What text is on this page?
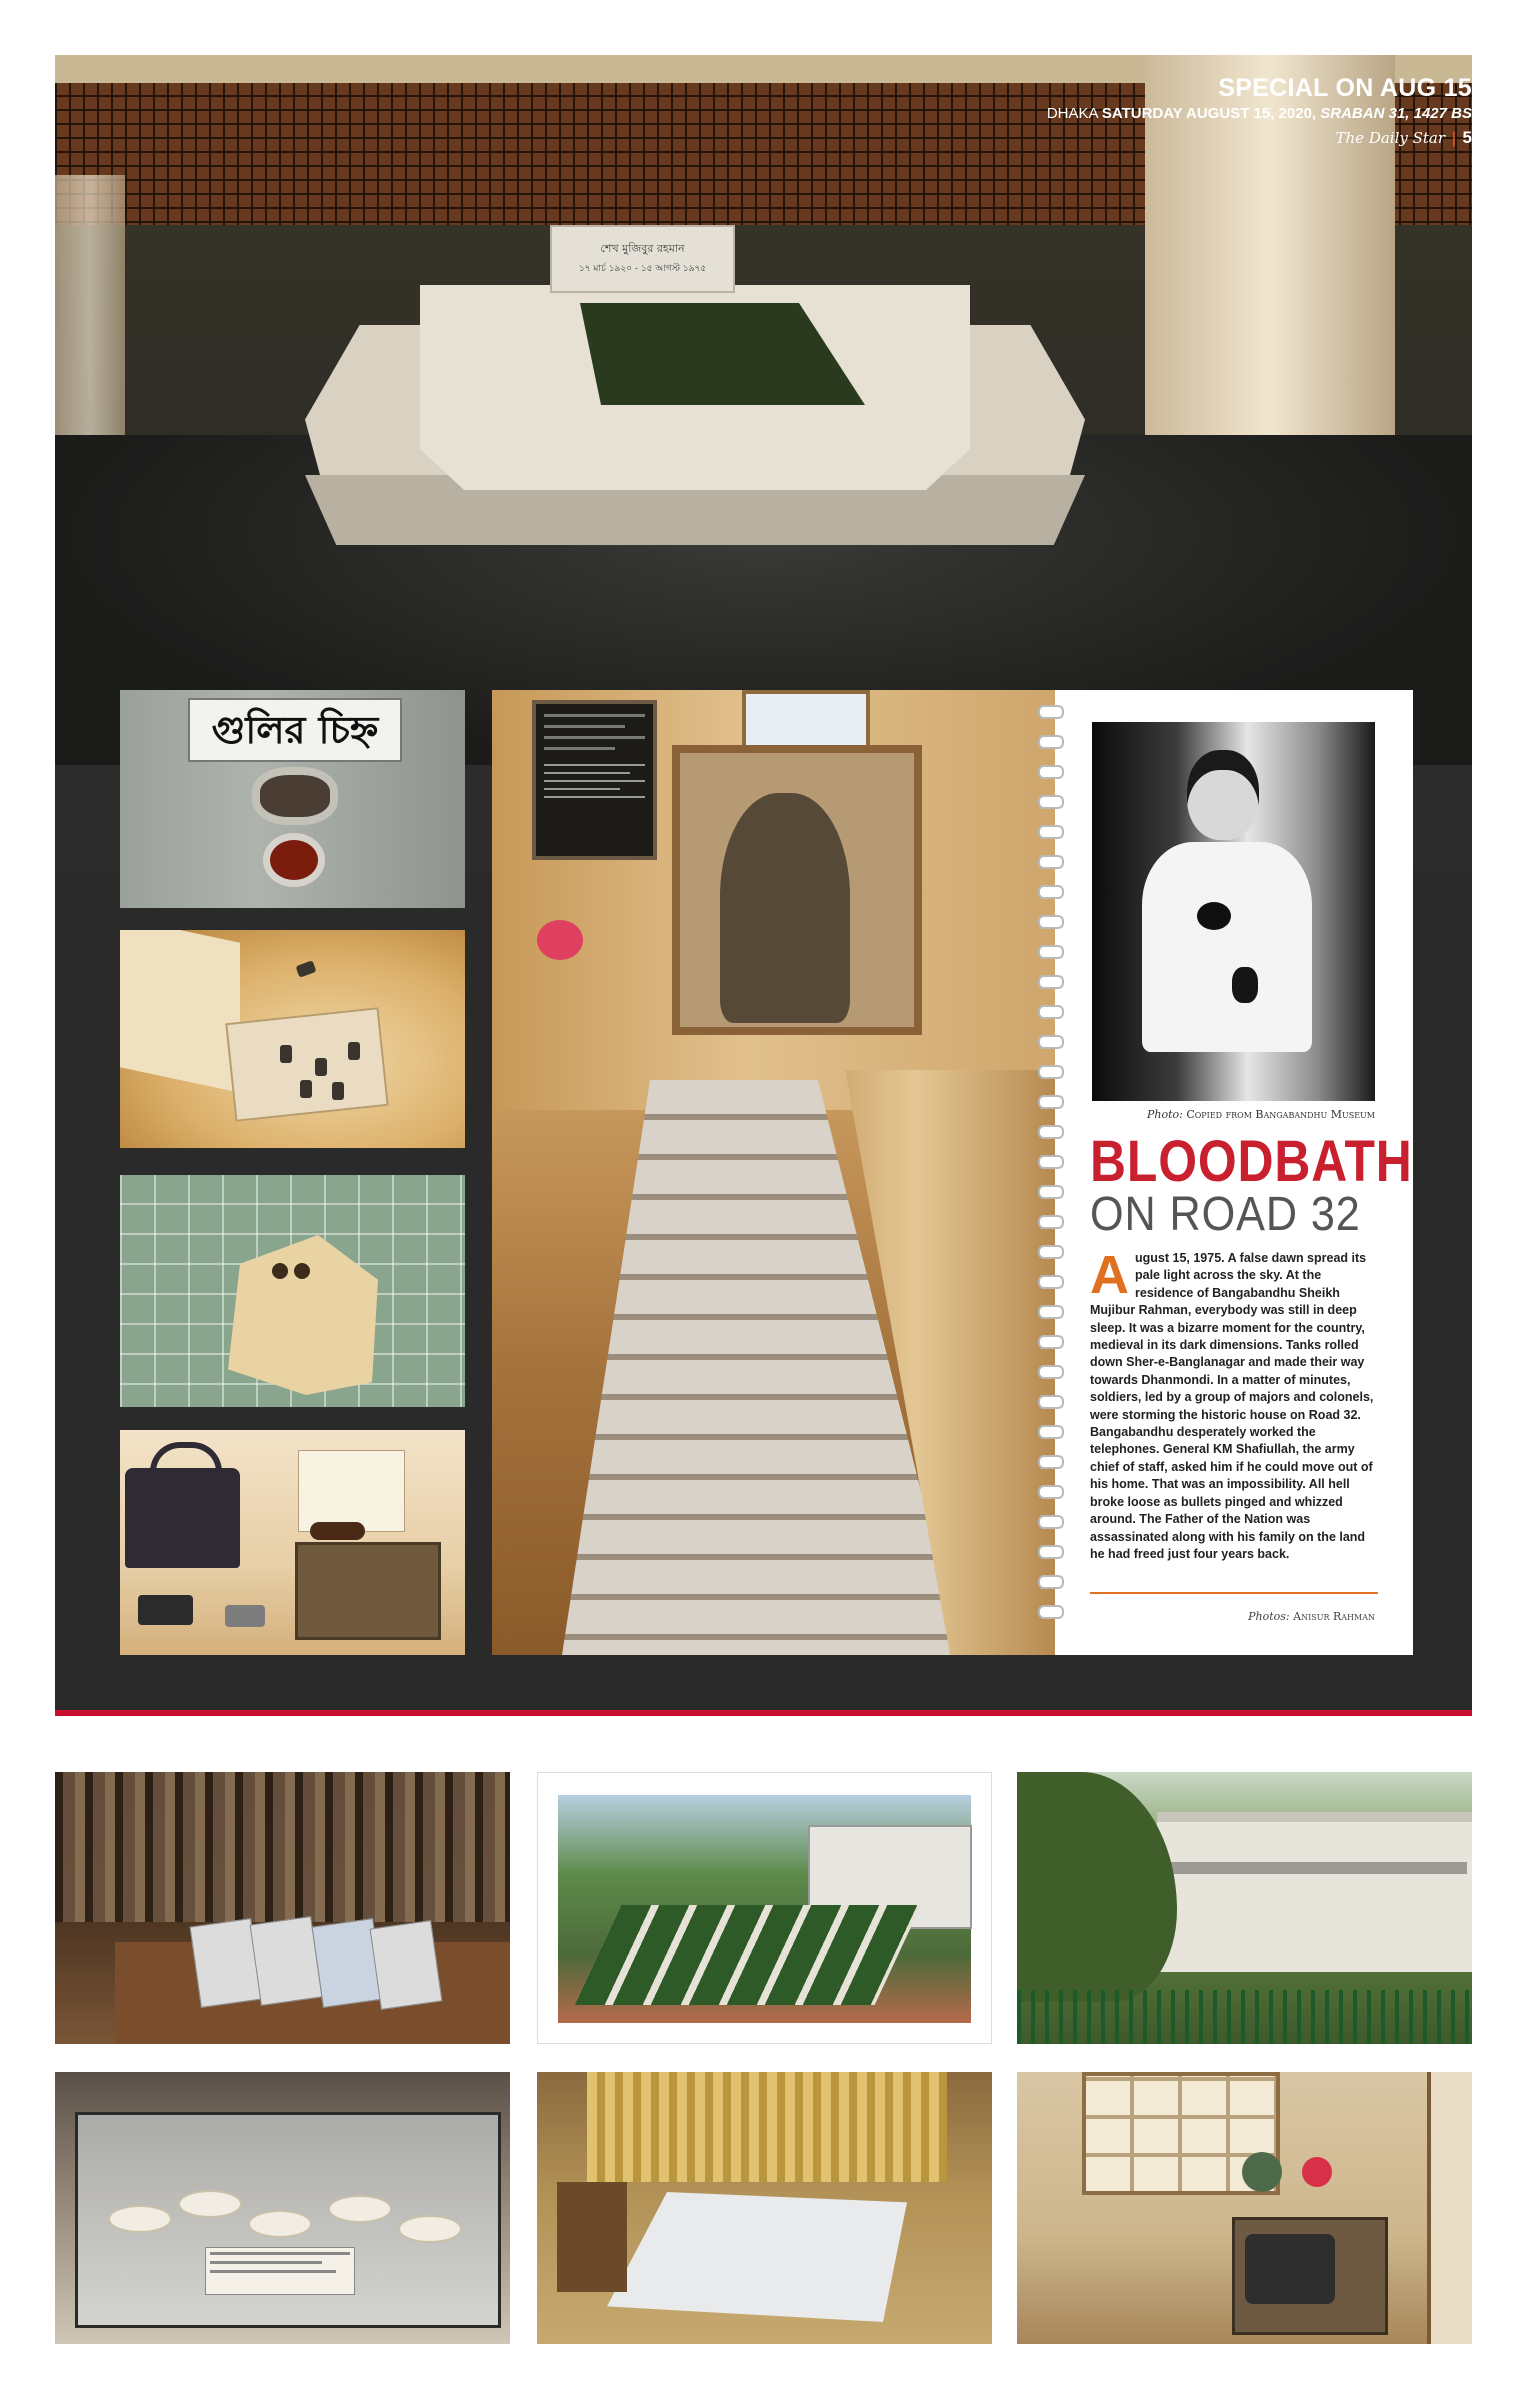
শেখ মুজিবুর রহমান
১৭ মার্চ ১৯২০ - ১৫ আগস্ট ১৯৭৫
SPECIAL ON AUG 15
DHAKA SATURDAY AUGUST 15, 2020, SRABAN 31, 1427 BS
The Daily Star | 5
গুলির চিহ্ন
Photo: Copied from Bangabandhu Museum
BLOODBATH
ON ROAD 32
August 15, 1975. A false dawn spread its pale light across the sky. At the residence of Bangabandhu Sheikh Mujibur Rahman, everybody was still in deep sleep. It was a bizarre moment for the country, medieval in its dark dimensions. Tanks rolled down Sher-e-Banglanagar and made their way towards Dhanmondi. In a matter of minutes, soldiers, led by a group of majors and colonels, were storming the historic house on Road 32. Bangabandhu desperately worked the telephones. General KM Shafiullah, the army chief of staff, asked him if he could move out of his home. That was an impossibility. All hell broke loose as bullets pinged and whizzed around. The Father of the Nation was assassinated along with his family on the land he had freed just four years back.
Photos: Anisur Rahman
